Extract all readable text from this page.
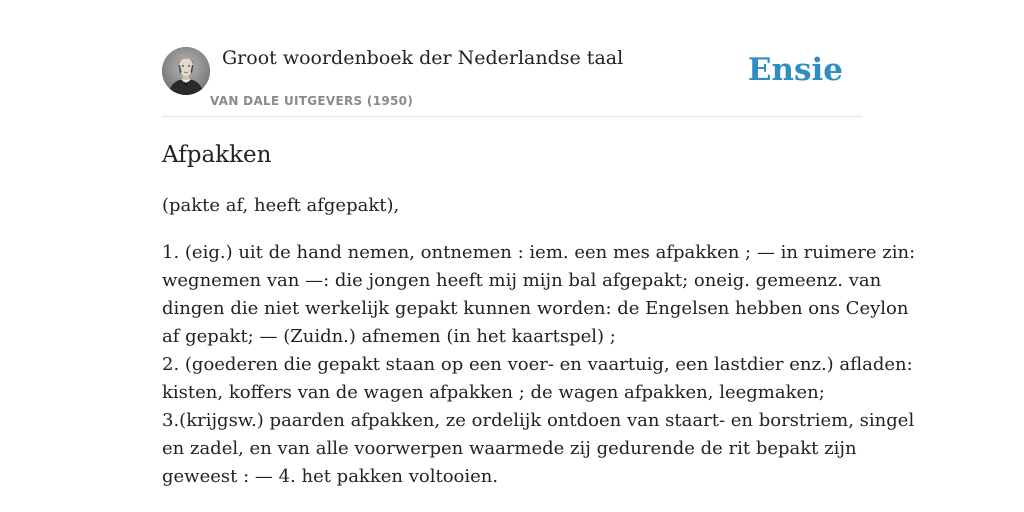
Groot woordenboek der Nederlandse taal
VAN DALE UITGEVERS (1950)
Ensie
Afpakken
(pakte af, heeft afgepakt),
1. (eig.) uit de hand nemen, ontnemen : iem. een mes afpakken ; — in ruimere zin:
wegnemen van —: die jongen heeft mij mijn bal afgepakt; oneig. gemeenz. van
dingen die niet werkelijk gepakt kunnen worden: de Engelsen hebben ons Ceylon
af gepakt; — (Zuidn.) afnemen (in het kaartspel) ;
2. (goederen die gepakt staan op een voer- en vaartuig, een lastdier enz.) afladen:
kisten, koffers van de wagen afpakken ; de wagen afpakken, leegmaken;
3.(krijgsw.) paarden afpakken, ze ordelijk ontdoen van staart- en borstriem, singel
en zadel, en van alle voorwerpen waarmede zij gedurende de rit bepakt zijn
geweest : — 4. het pakken voltooien.
